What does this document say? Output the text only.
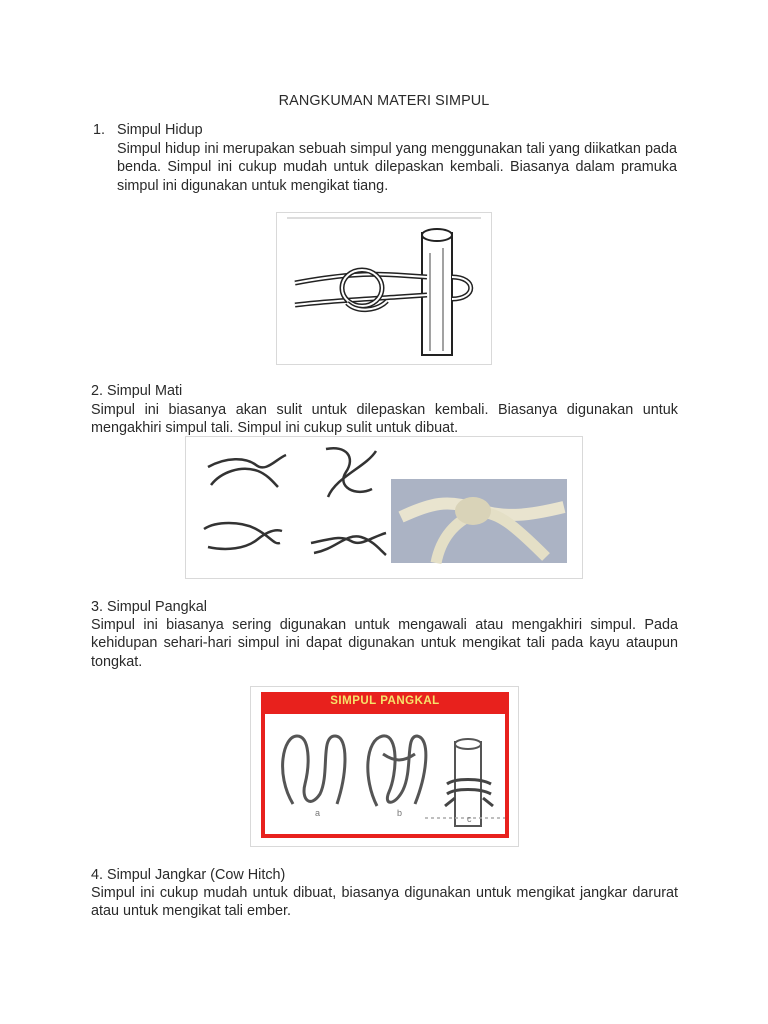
RANGKUMAN MATERI SIMPUL
1. Simpul Hidup
Simpul hidup ini merupakan sebuah simpul yang menggunakan tali yang diikatkan pada benda. Simpul ini cukup mudah untuk dilepaskan kembali. Biasanya dalam pramuka simpul ini digunakan untuk mengikat tiang.
2. Simpul Mati
Simpul ini biasanya akan sulit untuk dilepaskan kembali. Biasanya digunakan untuk mengakhiri simpul tali. Simpul ini cukup sulit untuk dibuat.
3. Simpul Pangkal
Simpul ini biasanya sering digunakan untuk mengawali atau mengakhiri simpul. Pada kehidupan sehari-hari simpul ini dapat digunakan untuk mengikat tali pada kayu ataupun tongkat.
SIMPUL PANGKAL
a	b
c
4. Simpul Jangkar (Cow Hitch)
Simpul ini cukup mudah untuk dibuat, biasanya digunakan untuk mengikat jangkar darurat atau untuk mengikat tali ember.
